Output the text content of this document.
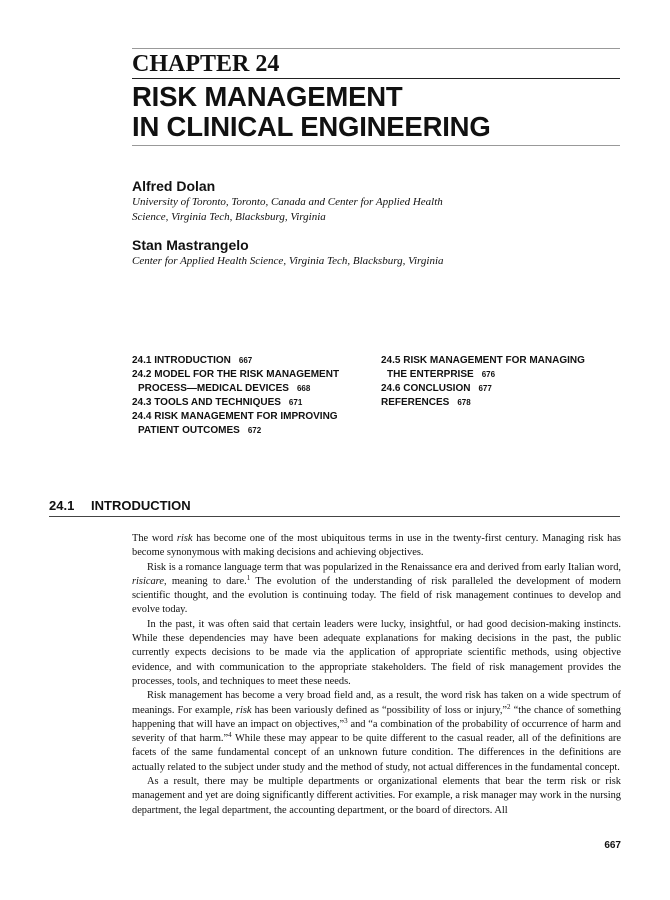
CHAPTER 24
RISK MANAGEMENT
IN CLINICAL ENGINEERING
Alfred Dolan
University of Toronto, Toronto, Canada and Center for Applied Health
Science, Virginia Tech, Blacksburg, Virginia
Stan Mastrangelo
Center for Applied Health Science, Virginia Tech, Blacksburg, Virginia
24.1 INTRODUCTION 667
24.2 MODEL FOR THE RISK MANAGEMENT
PROCESS—MEDICAL DEVICES 668
24.3 TOOLS AND TECHNIQUES 671
24.4 RISK MANAGEMENT FOR IMPROVING
PATIENT OUTCOMES 672
24.5 RISK MANAGEMENT FOR MANAGING
THE ENTERPRISE 676
24.6 CONCLUSION 677
REFERENCES 678
24.1 INTRODUCTION

The word risk has become one of the most ubiquitous terms in use in the twenty-first century. Managing risk has become synonymous with making decisions and achieving objectives.

Risk is a romance language term that was popularized in the Renaissance era and derived from early Italian word, risicare, meaning to dare.$^1$ The evolution of the understanding of risk paralleled the development of modern scientific thought, and the evolution is continuing today. The field of risk management continues to develop and evolve today.

In the past, it was often said that certain leaders were lucky, insightful, or had good decision-making instincts. While these dependencies may have been adequate explanations for making decisions in the past, the public currently expects decisions to be made via the application of appropriate scientific methods, using objective evidence, and with communication to the appropriate stakeholders. The field of risk management provides the processes, tools, and techniques to meet these needs.

Risk management has become a very broad field and, as a result, the word risk has taken on a wide spectrum of meanings. For example, risk has been variously defined as “possibility of loss or injury,”$^2$ “the chance of something happening that will have an impact on objectives,”$^3$ and “a combination of the probability of occurrence of harm and severity of that harm.”$^4$ While these may appear to be quite different to the casual reader, all of the definitions are facets of the same fundamental concept of an unknown future condition. The differences in the definitions are actually related to the subject under study and the method of study, not actual differences in the fundamental concept.

As a result, there may be multiple departments or organizational elements that bear the term risk or risk management and yet are doing significantly different activities. For example, a risk manager may work in the nursing department, the legal department, the accounting department, or the board of directors. All

667
